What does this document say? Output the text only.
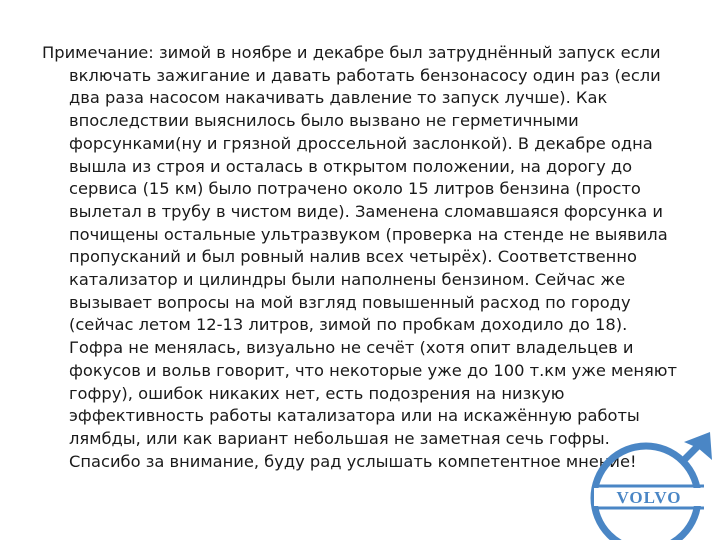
Примечание: зимой в ноябре и декабре был затруднённый запуск если
включать зажигание и давать работать бензонасосу один раз (если
два раза насосом накачивать давление то запуск лучше). Как
впоследствии выяснилось было вызвано не герметичными
форсунками(ну и грязной дроссельной заслонкой). В декабре одна
вышла из строя и осталась в открытом положении, на дорогу до
сервиса (15 км) было потрачено около 15 литров бензина (просто
вылетал в трубу в чистом виде). Заменена сломавшаяся форсунка и
почищены остальные ультразвуком (проверка на стенде не выявила
пропусканий и был ровный налив всех четырёх). Соответственно
катализатор и цилиндры были наполнены бензином. Сейчас же
вызывает вопросы на мой взгляд повышенный расход по городу
(сейчас летом 12-13 литров, зимой по пробкам доходило до 18).
Гофра не менялась, визуально не сечёт (хотя опит владельцев и
фокусов и вольв говорит, что некоторые уже до 100 т.км уже меняют
гофру), ошибок никаких нет, есть подозрения на низкую
эффективность работы катализатора или на искажённую работы
лямбды, или как вариант небольшая не заметная сечь гофры.
Спасибо за внимание, буду рад услышать компетентное мнение!

VOLVO
